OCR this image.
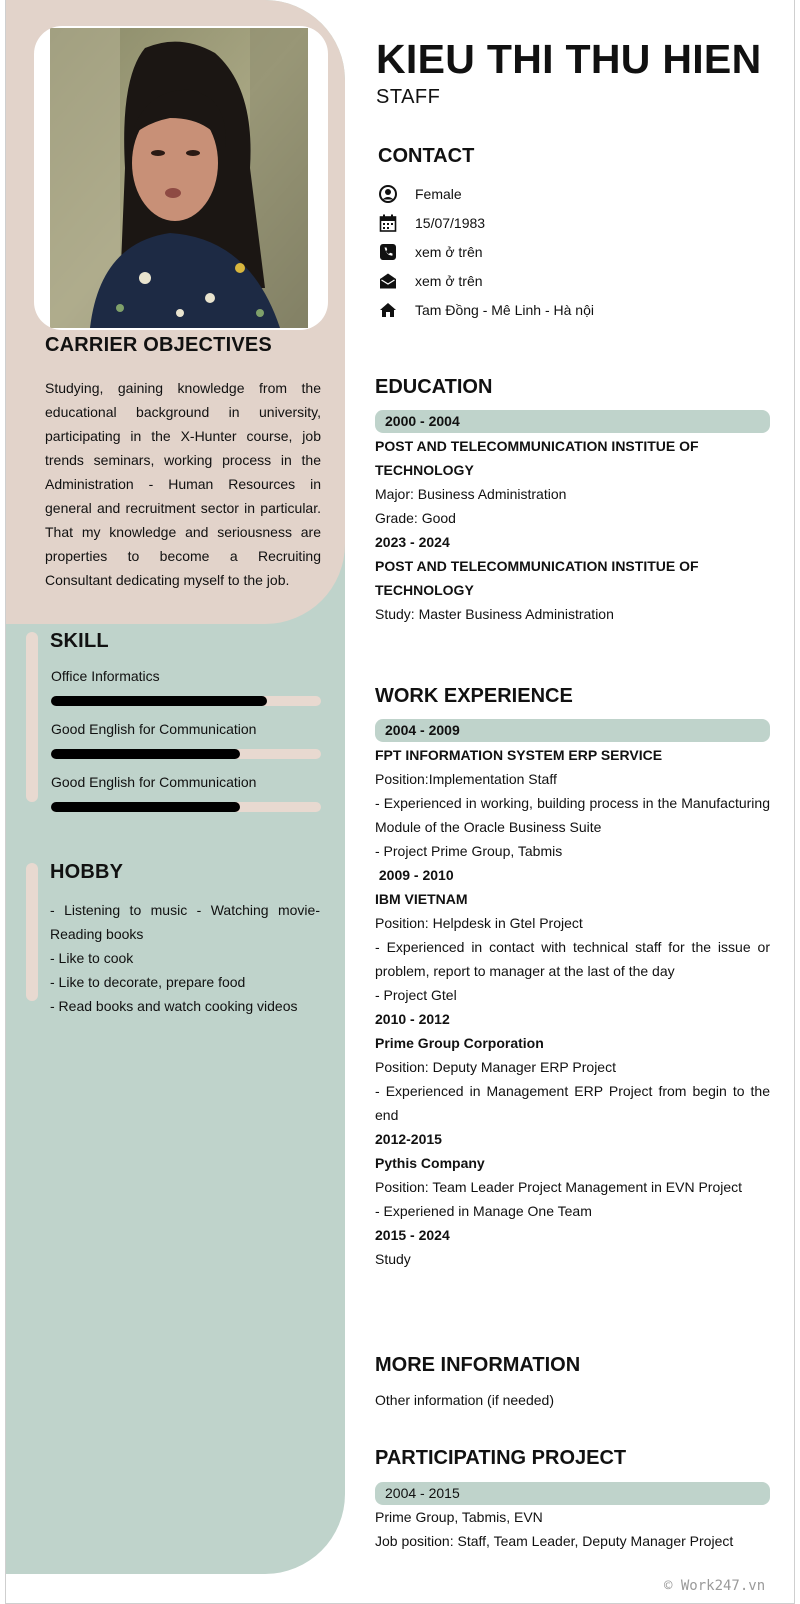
CARRIER OBJECTIVES
Studying, gaining knowledge from the educational background in university, participating in the X-Hunter course, job trends seminars, working process in the Administration - Human Resources in general and recruitment sector in particular. That my knowledge and seriousness are properties to become a Recruiting Consultant dedicating myself to the job.
SKILL
Office Informatics
Good English for Communication
Good English for Communication
HOBBY
- Listening to music - Watching movie- Reading books
- Like to cook
- Like to decorate, prepare food
- Read books and watch cooking videos
KIEU THI THU HIEN
STAFF
CONTACT
Female
15/07/1983
xem ở trên
xem ở trên
Tam Đồng - Mê Linh - Hà nội
EDUCATION
2000 - 2004
POST AND TELECOMMUNICATION INSTITUE OF
TECHNOLOGY
Major: Business Administration
Grade: Good
2023 - 2024
POST AND TELECOMMUNICATION INSTITUE OF
TECHNOLOGY
Study: Master Business Administration
WORK EXPERIENCE
2004 - 2009
FPT INFORMATION SYSTEM ERP SERVICE
Position:Implementation Staff
- Experienced in working, building process in the Manufacturing Module of the Oracle Business Suite
- Project Prime Group, Tabmis
2009 - 2010
IBM VIETNAM
Position: Helpdesk in Gtel Project
- Experienced in contact with technical staff for the issue or problem, report to manager at the last of the day
- Project Gtel
2010 - 2012
Prime Group Corporation
Position: Deputy Manager ERP Project
- Experienced in Management ERP Project from begin to the end
2012-2015
Pythis Company
Position: Team Leader Project Management in EVN Project
- Experiened in Manage One Team
2015 - 2024
Study
MORE INFORMATION
Other information (if needed)
PARTICIPATING PROJECT
2004 - 2015
Prime Group, Tabmis, EVN
Job position: Staff, Team Leader, Deputy Manager Project
© Work247.vn
